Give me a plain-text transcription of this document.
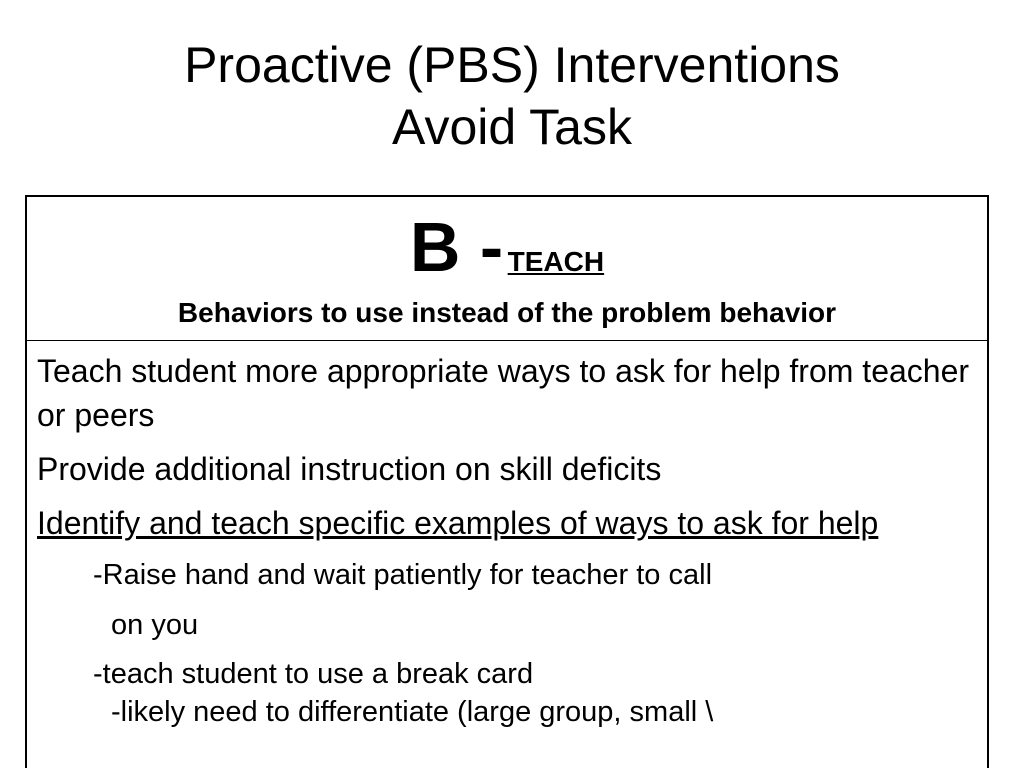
Proactive (PBS) Interventions
Avoid Task
B - TEACH
Behaviors to use instead of the problem behavior
Teach student more appropriate ways to ask for help from teacher or peers
Provide additional instruction on skill deficits
Identify and teach specific examples of ways to ask for help
-Raise hand and wait patiently for teacher to call
on you
-teach student to use a break card
-likely need to differentiate (large group, small \
